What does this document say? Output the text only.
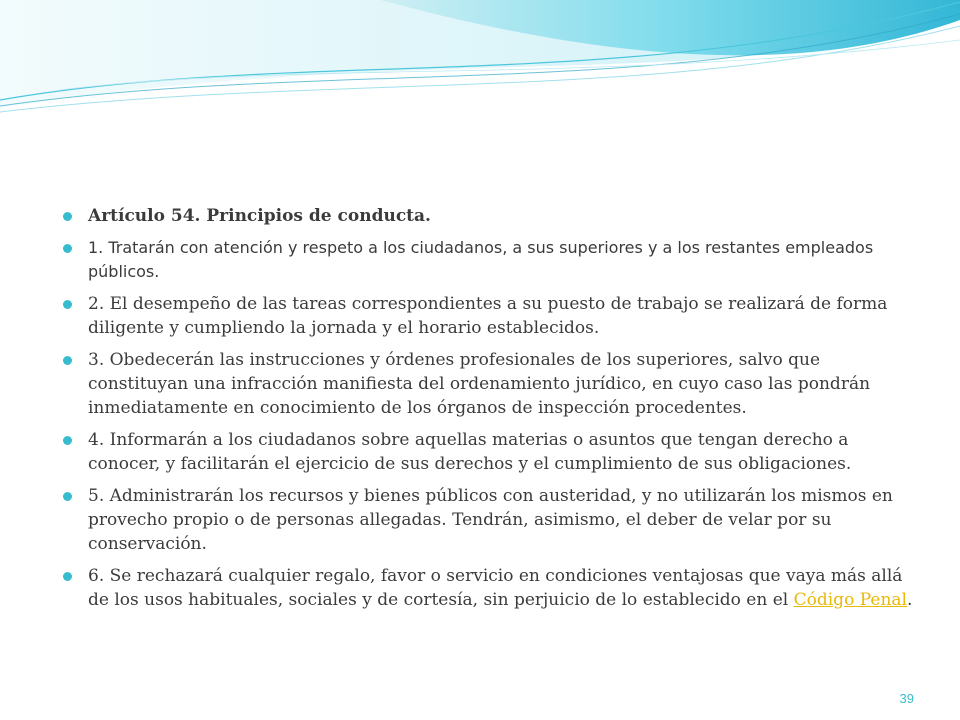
Artículo 54. Principios de conducta.
1. Tratarán con atención y respeto a los ciudadanos, a sus superiores y a los restantes empleados públicos.
2. El desempeño de las tareas correspondientes a su puesto de trabajo se realizará de forma diligente y cumpliendo la jornada y el horario establecidos.
3. Obedecerán las instrucciones y órdenes profesionales de los superiores, salvo que constituyan una infracción manifiesta del ordenamiento jurídico, en cuyo caso las pondrán inmediatamente en conocimiento de los órganos de inspección procedentes.
4. Informarán a los ciudadanos sobre aquellas materias o asuntos que tengan derecho a conocer, y facilitarán el ejercicio de sus derechos y el cumplimiento de sus obligaciones.
5. Administrarán los recursos y bienes públicos con austeridad, y no utilizarán los mismos en provecho propio o de personas allegadas. Tendrán, asimismo, el deber de velar por su conservación.
6. Se rechazará cualquier regalo, favor o servicio en condiciones ventajosas que vaya más allá de los usos habituales, sociales y de cortesía, sin perjuicio de lo establecido en el Código Penal.
39
